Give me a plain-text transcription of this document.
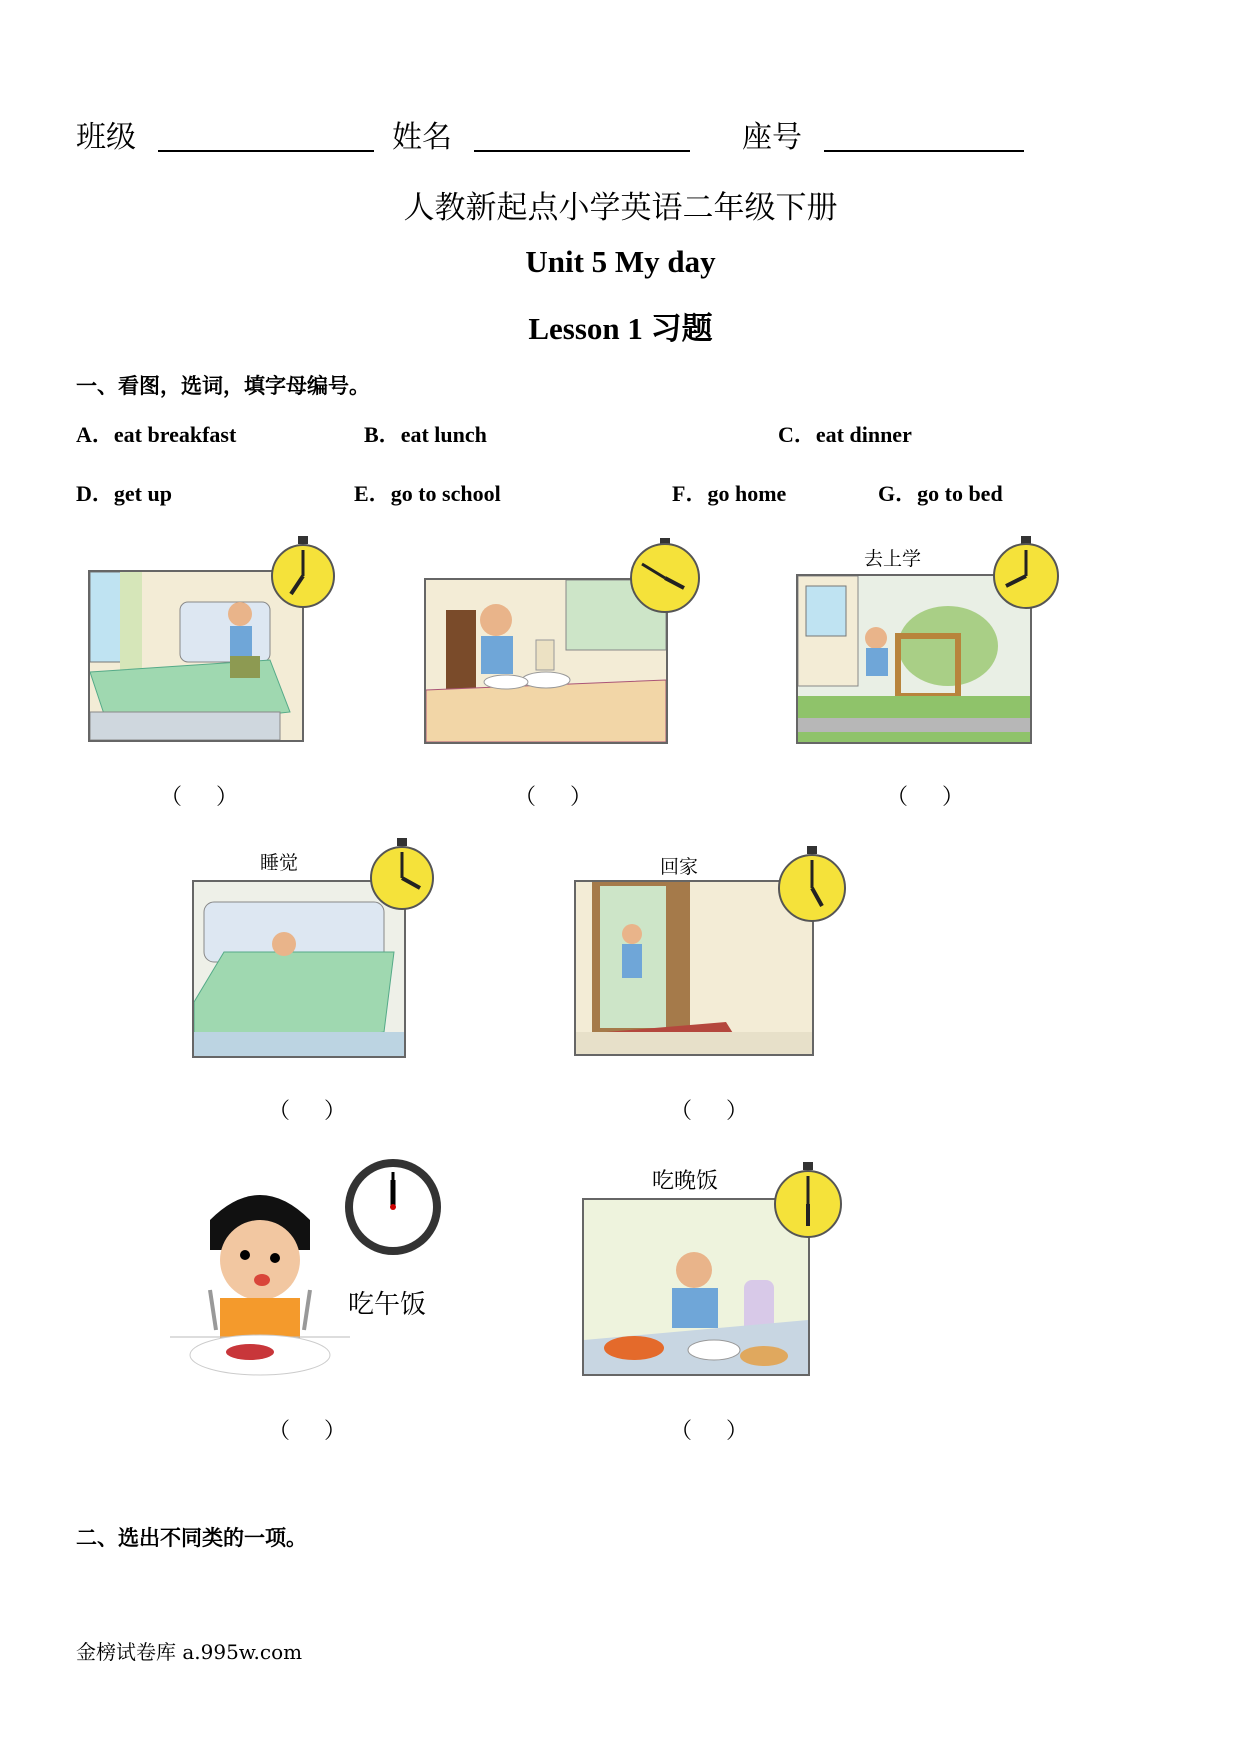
班级	姓名	座号
人教新起点小学英语二年级下册
Unit 5 My day
Lesson 1 习题
一、看图，选词，填字母编号。
A．eat breakfast	B．eat lunch	C．eat dinner
D．get up	E．go to school	F．go home	G．go to bed
（ ）	（ ）
去上学
（ ）
睡觉
（ ）
回家
（ ）
吃午饭
（ ）
吃晚饭
（ ）
二、选出不同类的一项。
金榜试卷库 a.995w.com
